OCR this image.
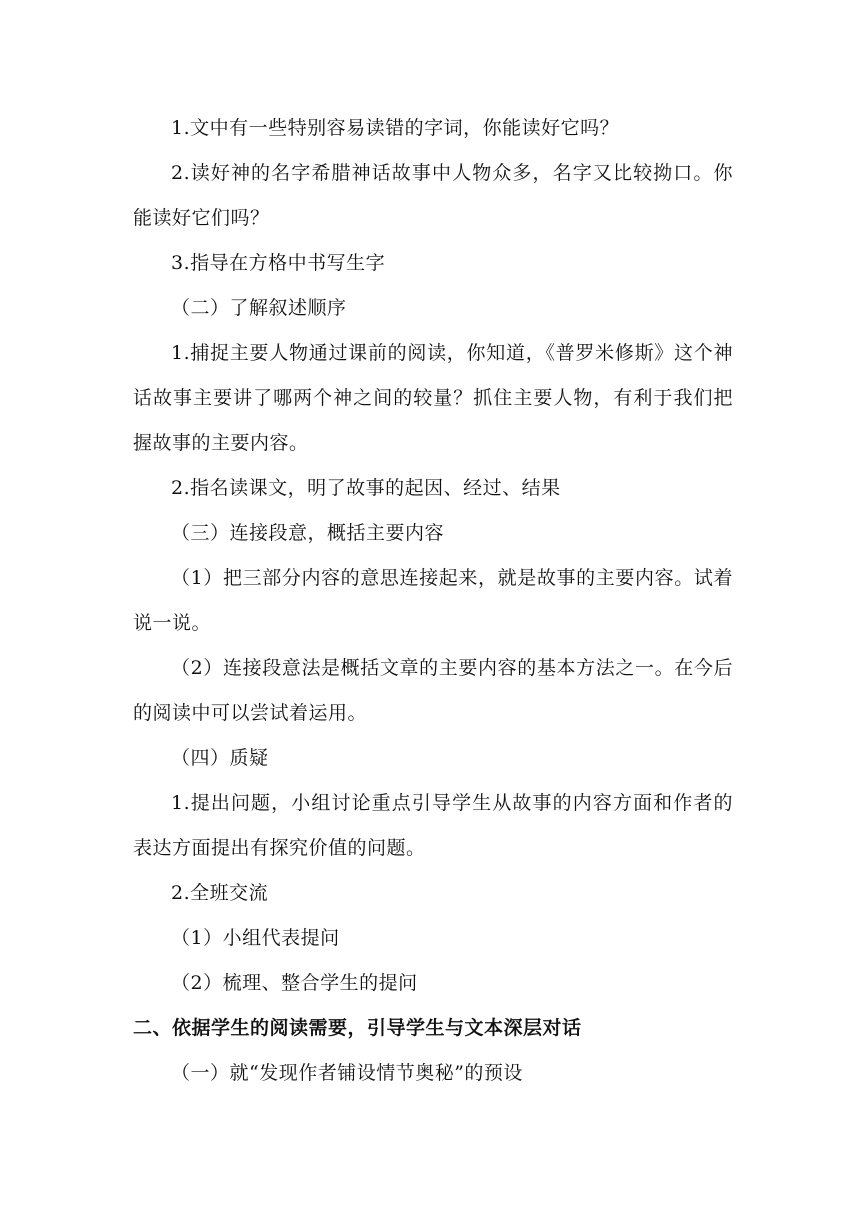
1.文中有一些特别容易读错的字词，你能读好它吗？

2.读好神的名字希腊神话故事中人物众多，名字又比较拗口。你能读好它们吗？

3.指导在方格中书写生字

（二）了解叙述顺序

1.捕捉主要人物通过课前的阅读，你知道，《普罗米修斯》这个神话故事主要讲了哪两个神之间的较量？抓住主要人物，有利于我们把握故事的主要内容。

2.指名读课文，明了故事的起因、经过、结果

（三）连接段意，概括主要内容

（1）把三部分内容的意思连接起来，就是故事的主要内容。试着说一说。

（2）连接段意法是概括文章的主要内容的基本方法之一。在今后的阅读中可以尝试着运用。

（四）质疑

1.提出问题，小组讨论重点引导学生从故事的内容方面和作者的表达方面提出有探究价值的问题。

2.全班交流

（1）小组代表提问

（2）梳理、整合学生的提问

二、依据学生的阅读需要，引导学生与文本深层对话

（一）就“发现作者铺设情节奥秘”的预设
